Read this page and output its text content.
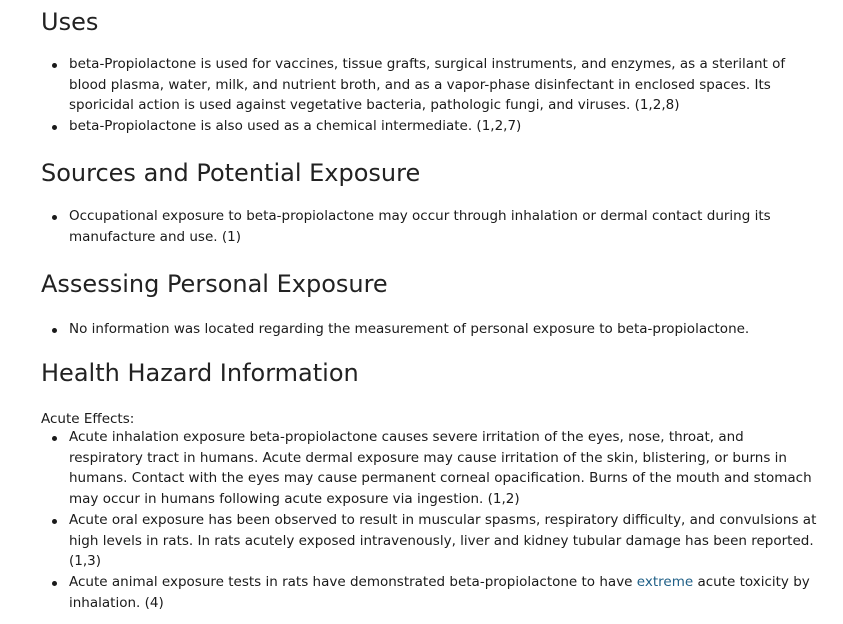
Uses
beta-Propiolactone is used for vaccines, tissue grafts, surgical instruments, and enzymes, as a sterilant of blood plasma, water, milk, and nutrient broth, and as a vapor-phase disinfectant in enclosed spaces. Its sporicidal action is used against vegetative bacteria, pathologic fungi, and viruses. (1,2,8)
beta-Propiolactone is also used as a chemical intermediate. (1,2,7)
Sources and Potential Exposure
Occupational exposure to beta-propiolactone may occur through inhalation or dermal contact during its manufacture and use. (1)
Assessing Personal Exposure
No information was located regarding the measurement of personal exposure to beta-propiolactone.
Health Hazard Information

Acute Effects:

Acute inhalation exposure beta-propiolactone causes severe irritation of the eyes, nose, throat, and respiratory tract in humans. Acute dermal exposure may cause irritation of the skin, blistering, or burns in humans. Contact with the eyes may cause permanent corneal opacification. Burns of the mouth and stomach may occur in humans following acute exposure via ingestion. (1,2)
Acute oral exposure has been observed to result in muscular spasms, respiratory difficulty, and convulsions at high levels in rats. In rats acutely exposed intravenously, liver and kidney tubular damage has been reported. (1,3)
Acute animal exposure tests in rats have demonstrated beta-propiolactone to have extreme acute toxicity by inhalation. (4)
